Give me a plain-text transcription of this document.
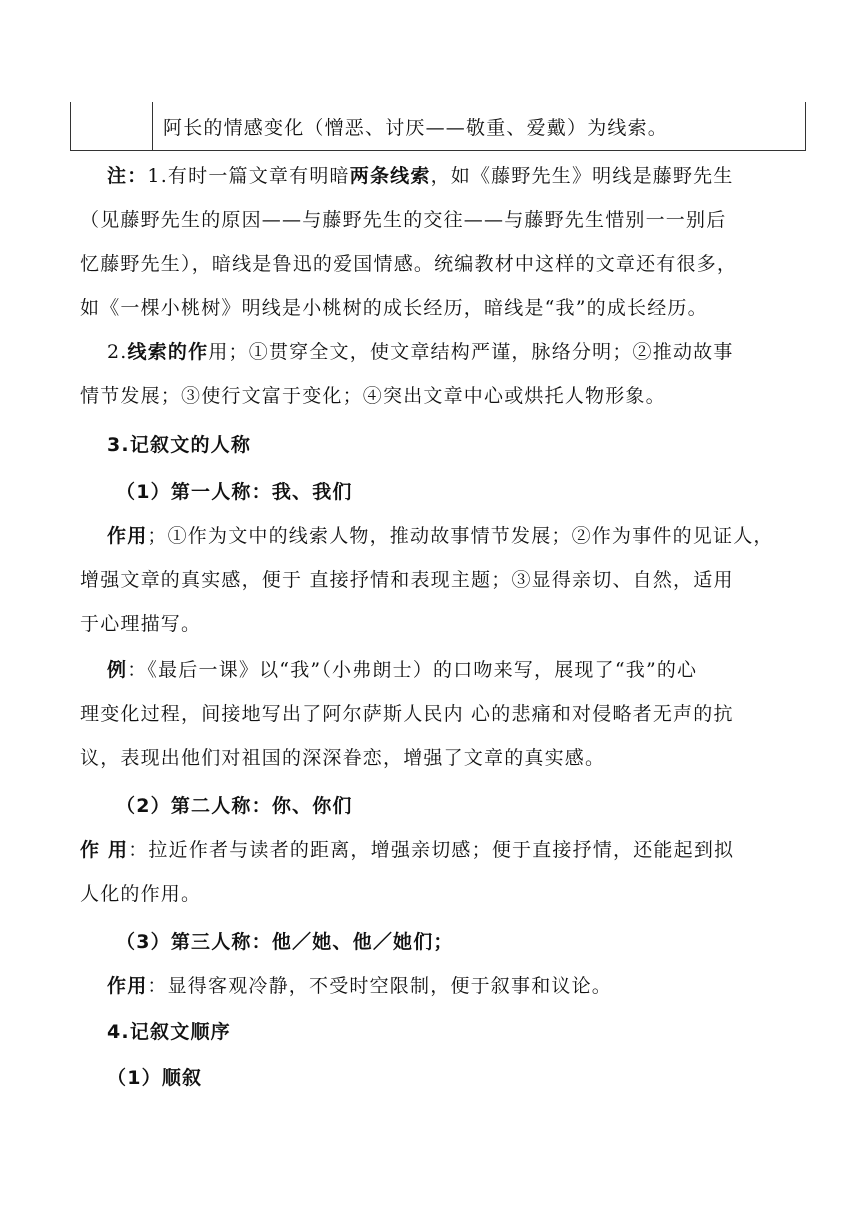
阿长的情感变化（憎恶、讨厌——敬重、爱戴）为线索。
注：1.有时一篇文章有明暗两条线索，如《藤野先生》明线是藤野先生
（见藤野先生的原因——与藤野先生的交往——与藤野先生惜别一一别后
忆藤野先生），暗线是鲁迅的爱国情感。统编教材中这样的文章还有很多，
如《一棵小桃树》明线是小桃树的成长经历，暗线是“我”的成长经历。
2.线索的作用；①贯穿全文，使文章结构严谨，脉络分明；②推动故事
情节发展；③使行文富于变化；④突出文章中心或烘托人物形象。
3.记叙文的人称
（1）第一人称：我、我们
作用；①作为文中的线索人物，推动故事情节发展；②作为事件的见证人，
增强文章的真实感，便于 直接抒情和表现主题；③显得亲切、自然，适用
于心理描写。
例：《最后一课》以“我”（小弗朗士）的口吻来写，展现了“我”的心
理变化过程，间接地写出了阿尔萨斯人民内 心的悲痛和对侵略者无声的抗
议，表现出他们对祖国的深深眷恋，增强了文章的真实感。
（2）第二人称：你、你们
作 用：拉近作者与读者的距离，增强亲切感；便于直接抒情，还能起到拟
人化的作用。
（3）第三人称：他／她、他／她们；
作用：显得客观冷静，不受时空限制，便于叙事和议论。
4.记叙文顺序
（1）顺叙
